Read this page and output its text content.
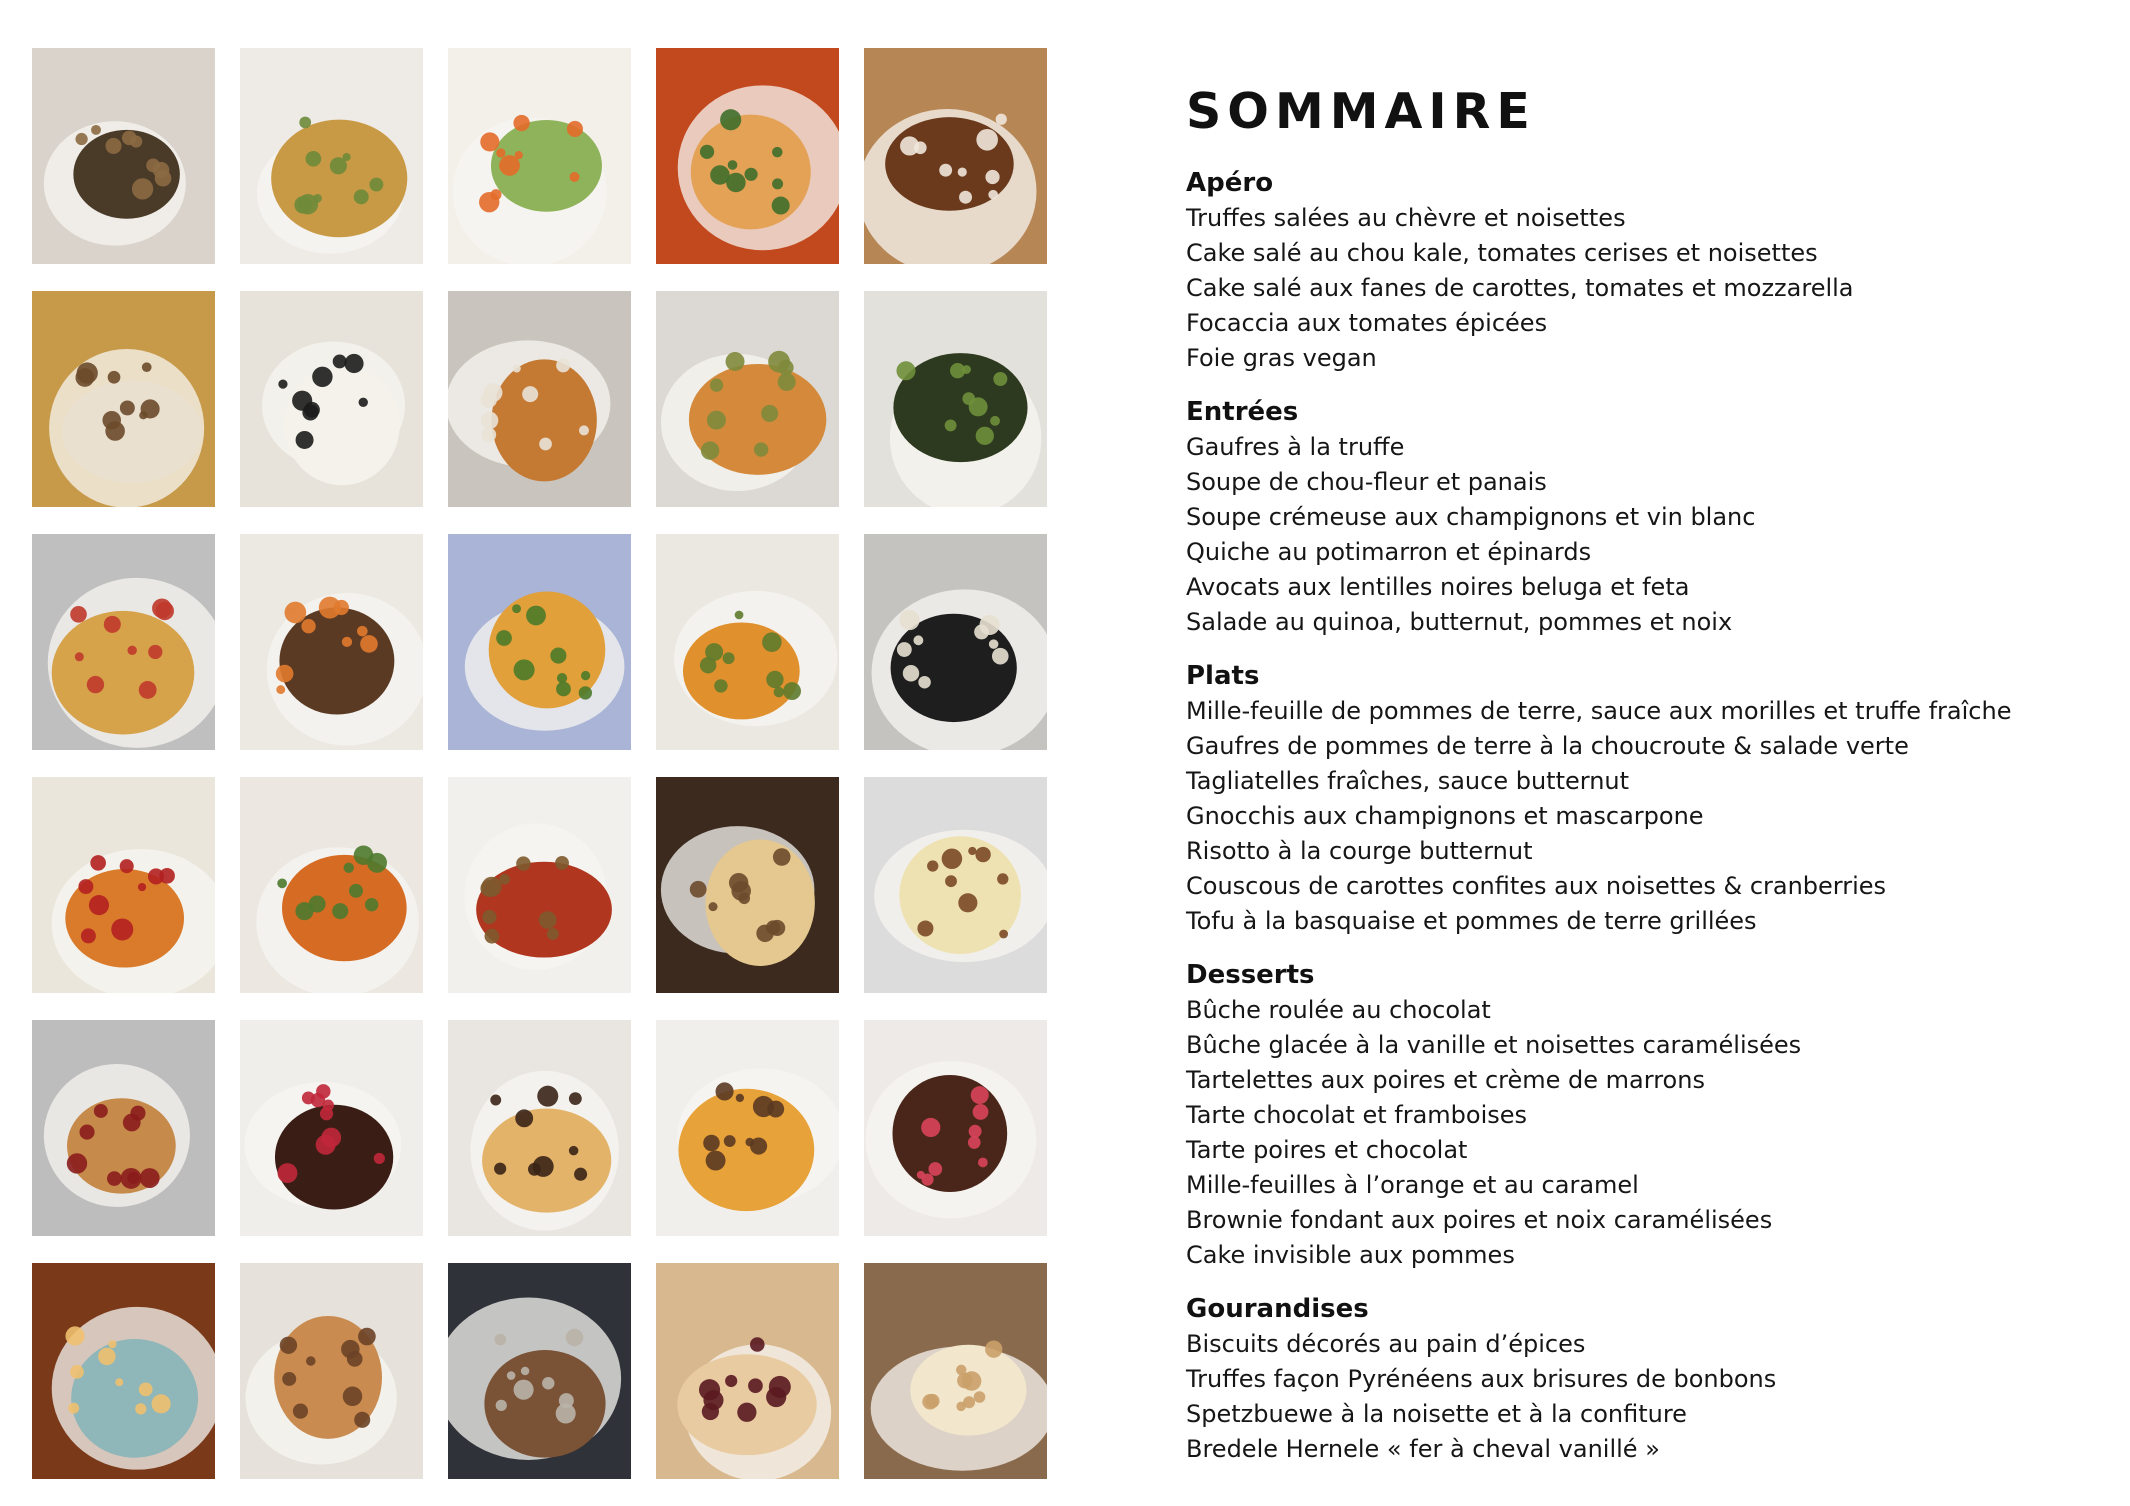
SOMMAIRE
Apéro
Truffes salées au chèvre et noisettes
Cake salé au chou kale, tomates cerises et noisettes
Cake salé aux fanes de carottes, tomates et mozzarella
Focaccia aux tomates épicées
Foie gras vegan
Entrées
Gaufres à la truffe
Soupe de chou-fleur et panais
Soupe crémeuse aux champignons et vin blanc
Quiche au potimarron et épinards
Avocats aux lentilles noires beluga et feta
Salade au quinoa, butternut, pommes et noix
Plats
Mille-feuille de pommes de terre, sauce aux morilles et truffe fraîche
Gaufres de pommes de terre à la choucroute & salade verte
Tagliatelles fraîches, sauce butternut
Gnocchis aux champignons et mascarpone
Risotto à la courge butternut
Couscous de carottes confites aux noisettes & cranberries
Tofu à la basquaise et pommes de terre grillées
Desserts
Bûche roulée au chocolat
Bûche glacée à la vanille et noisettes caramélisées
Tartelettes aux poires et crème de marrons
Tarte chocolat et framboises
Tarte poires et chocolat
Mille-feuilles à l’orange et au caramel
Brownie fondant aux poires et noix caramélisées
Cake invisible aux pommes
Gourandises
Biscuits décorés au pain d’épices
Truffes façon Pyrénéens aux brisures de bonbons
Spetzbuewe à la noisette et à la confiture
Bredele Hernele « fer à cheval vanillé »
